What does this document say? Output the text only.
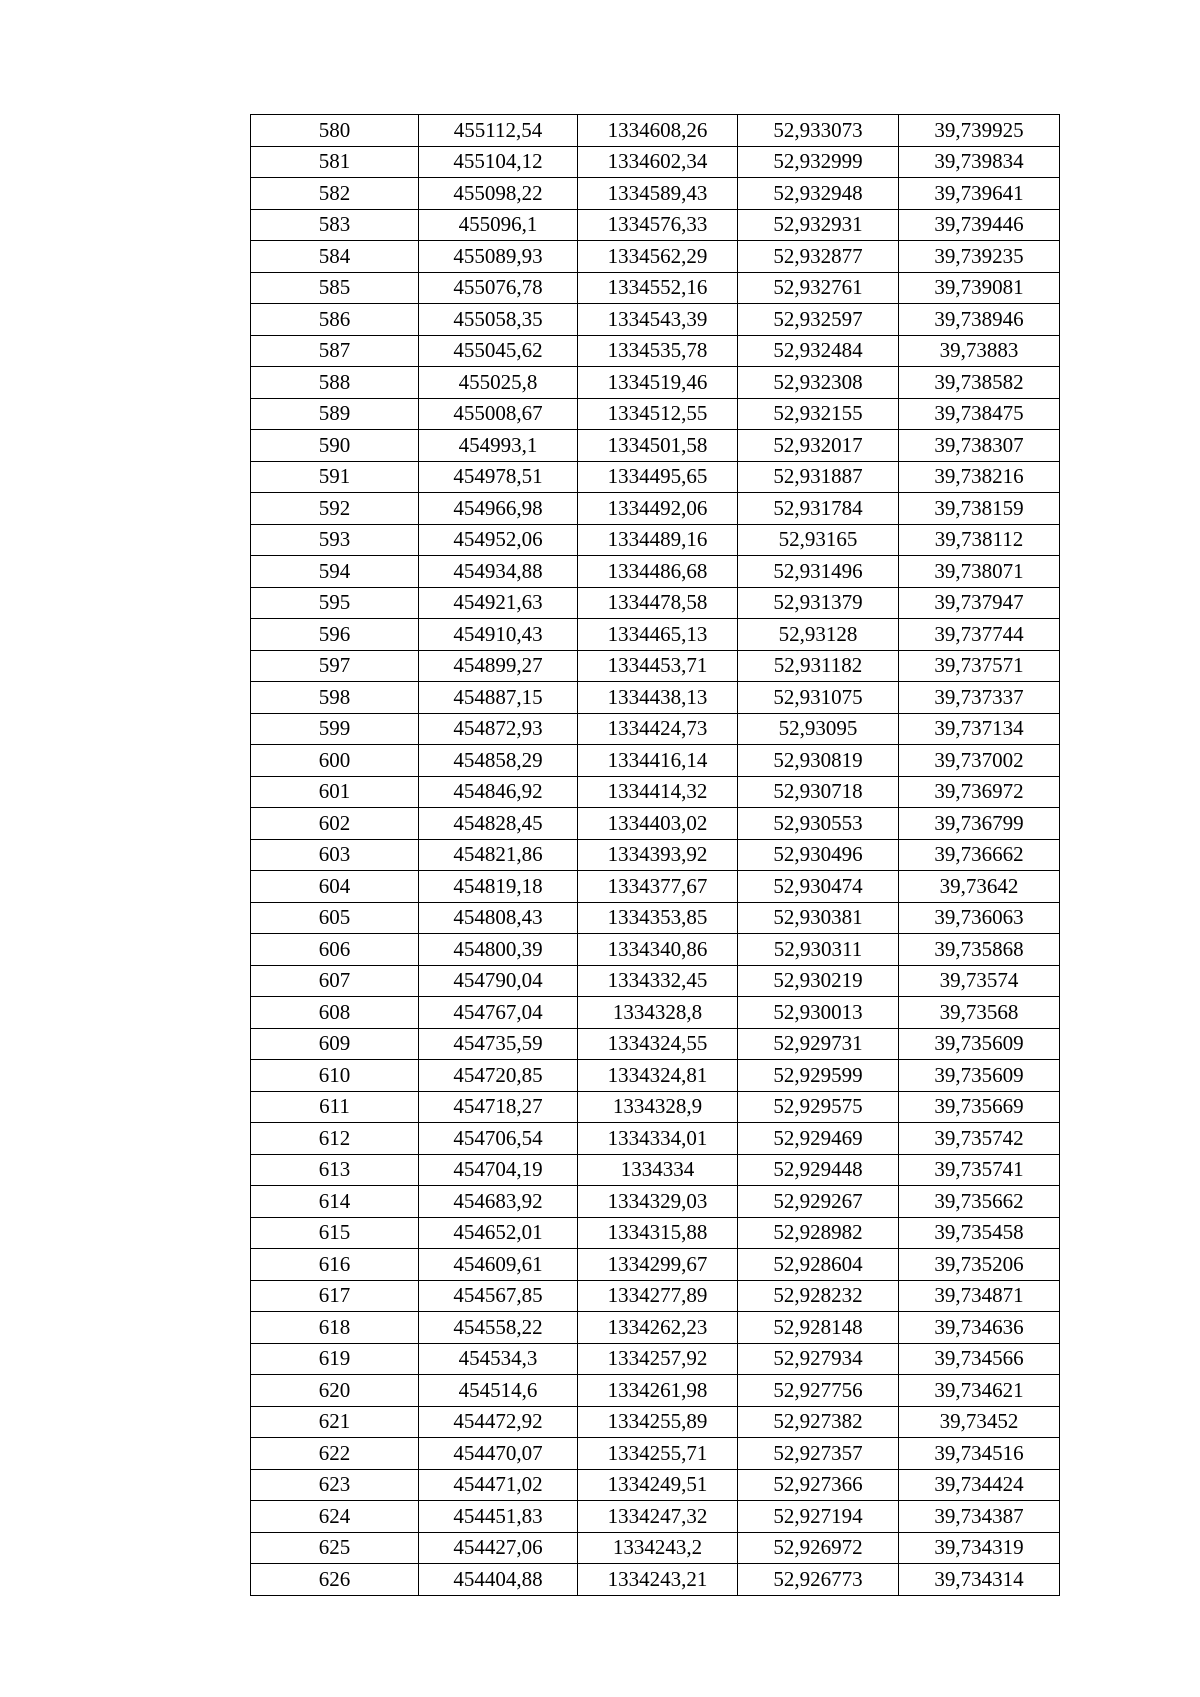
580	455112,54	1334608,26	52,933073	39,739925
581	455104,12	1334602,34	52,932999	39,739834
582	455098,22	1334589,43	52,932948	39,739641
583	455096,1	1334576,33	52,932931	39,739446
584	455089,93	1334562,29	52,932877	39,739235
585	455076,78	1334552,16	52,932761	39,739081
586	455058,35	1334543,39	52,932597	39,738946
587	455045,62	1334535,78	52,932484	39,73883
588	455025,8	1334519,46	52,932308	39,738582
589	455008,67	1334512,55	52,932155	39,738475
590	454993,1	1334501,58	52,932017	39,738307
591	454978,51	1334495,65	52,931887	39,738216
592	454966,98	1334492,06	52,931784	39,738159
593	454952,06	1334489,16	52,93165	39,738112
594	454934,88	1334486,68	52,931496	39,738071
595	454921,63	1334478,58	52,931379	39,737947
596	454910,43	1334465,13	52,93128	39,737744
597	454899,27	1334453,71	52,931182	39,737571
598	454887,15	1334438,13	52,931075	39,737337
599	454872,93	1334424,73	52,93095	39,737134
600	454858,29	1334416,14	52,930819	39,737002
601	454846,92	1334414,32	52,930718	39,736972
602	454828,45	1334403,02	52,930553	39,736799
603	454821,86	1334393,92	52,930496	39,736662
604	454819,18	1334377,67	52,930474	39,73642
605	454808,43	1334353,85	52,930381	39,736063
606	454800,39	1334340,86	52,930311	39,735868
607	454790,04	1334332,45	52,930219	39,73574
608	454767,04	1334328,8	52,930013	39,73568
609	454735,59	1334324,55	52,929731	39,735609
610	454720,85	1334324,81	52,929599	39,735609
611	454718,27	1334328,9	52,929575	39,735669
612	454706,54	1334334,01	52,929469	39,735742
613	454704,19	1334334	52,929448	39,735741
614	454683,92	1334329,03	52,929267	39,735662
615	454652,01	1334315,88	52,928982	39,735458
616	454609,61	1334299,67	52,928604	39,735206
617	454567,85	1334277,89	52,928232	39,734871
618	454558,22	1334262,23	52,928148	39,734636
619	454534,3	1334257,92	52,927934	39,734566
620	454514,6	1334261,98	52,927756	39,734621
621	454472,92	1334255,89	52,927382	39,73452
622	454470,07	1334255,71	52,927357	39,734516
623	454471,02	1334249,51	52,927366	39,734424
624	454451,83	1334247,32	52,927194	39,734387
625	454427,06	1334243,2	52,926972	39,734319
626	454404,88	1334243,21	52,926773	39,734314
